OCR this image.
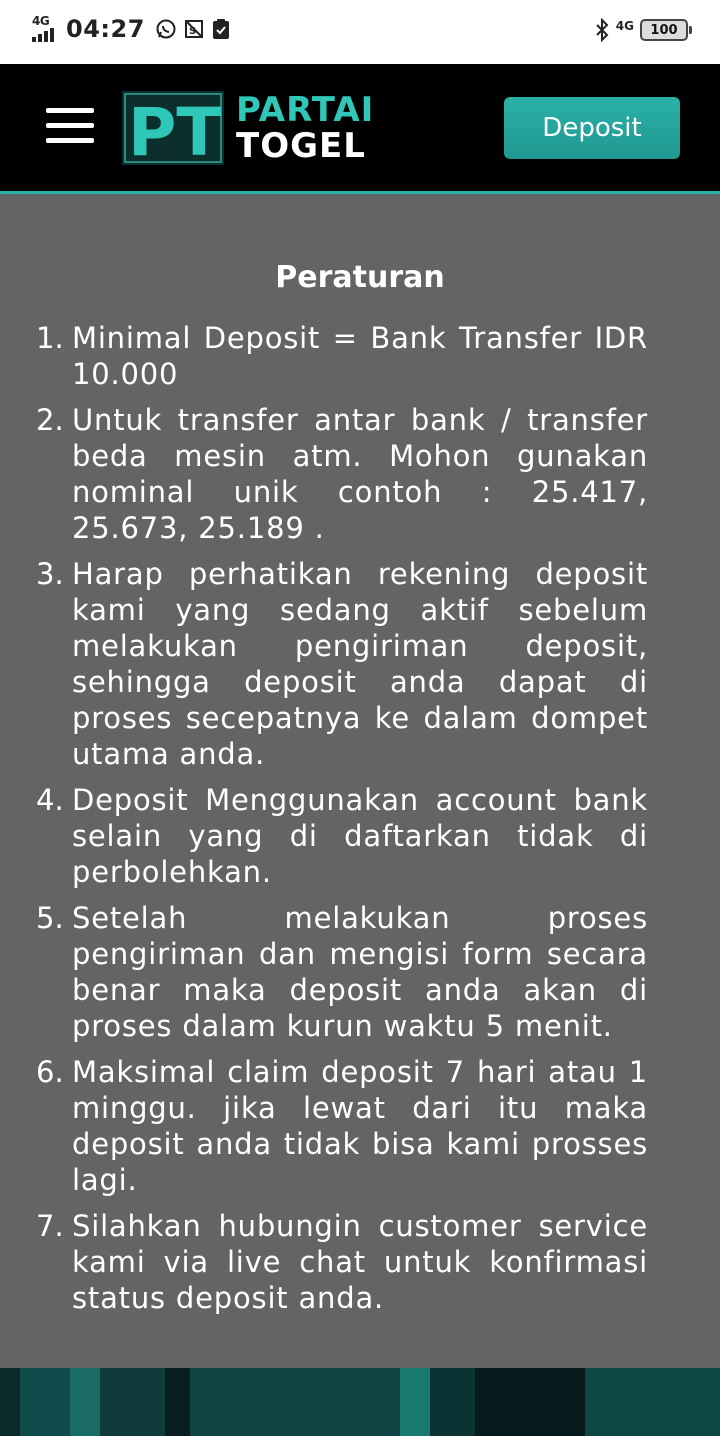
4G 04:27	S	4G 100
PT PARTAI
TOGEL	Deposit
Peraturan
1. Minimal Deposit = Bank Transfer IDR 10.000
2. Untuk transfer antar bank / transfer beda mesin atm. Mohon gunakan nominal unik contoh : 25.417, 25.673, 25.189 .
3. Harap perhatikan rekening deposit kami yang sedang aktif sebelum melakukan pengiriman deposit, sehingga deposit anda dapat di proses secepatnya ke dalam dompet utama anda.
4. Deposit Menggunakan account bank selain yang di daftarkan tidak di perbolehkan.
5. Setelah melakukan proses pengiriman dan mengisi form secara benar maka deposit anda akan di proses dalam kurun waktu 5 menit.
6. Maksimal claim deposit 7 hari atau 1 minggu. jika lewat dari itu maka deposit anda tidak bisa kami prosses lagi.
7. Silahkan hubungin customer service kami via live chat untuk konfirmasi status deposit anda.
